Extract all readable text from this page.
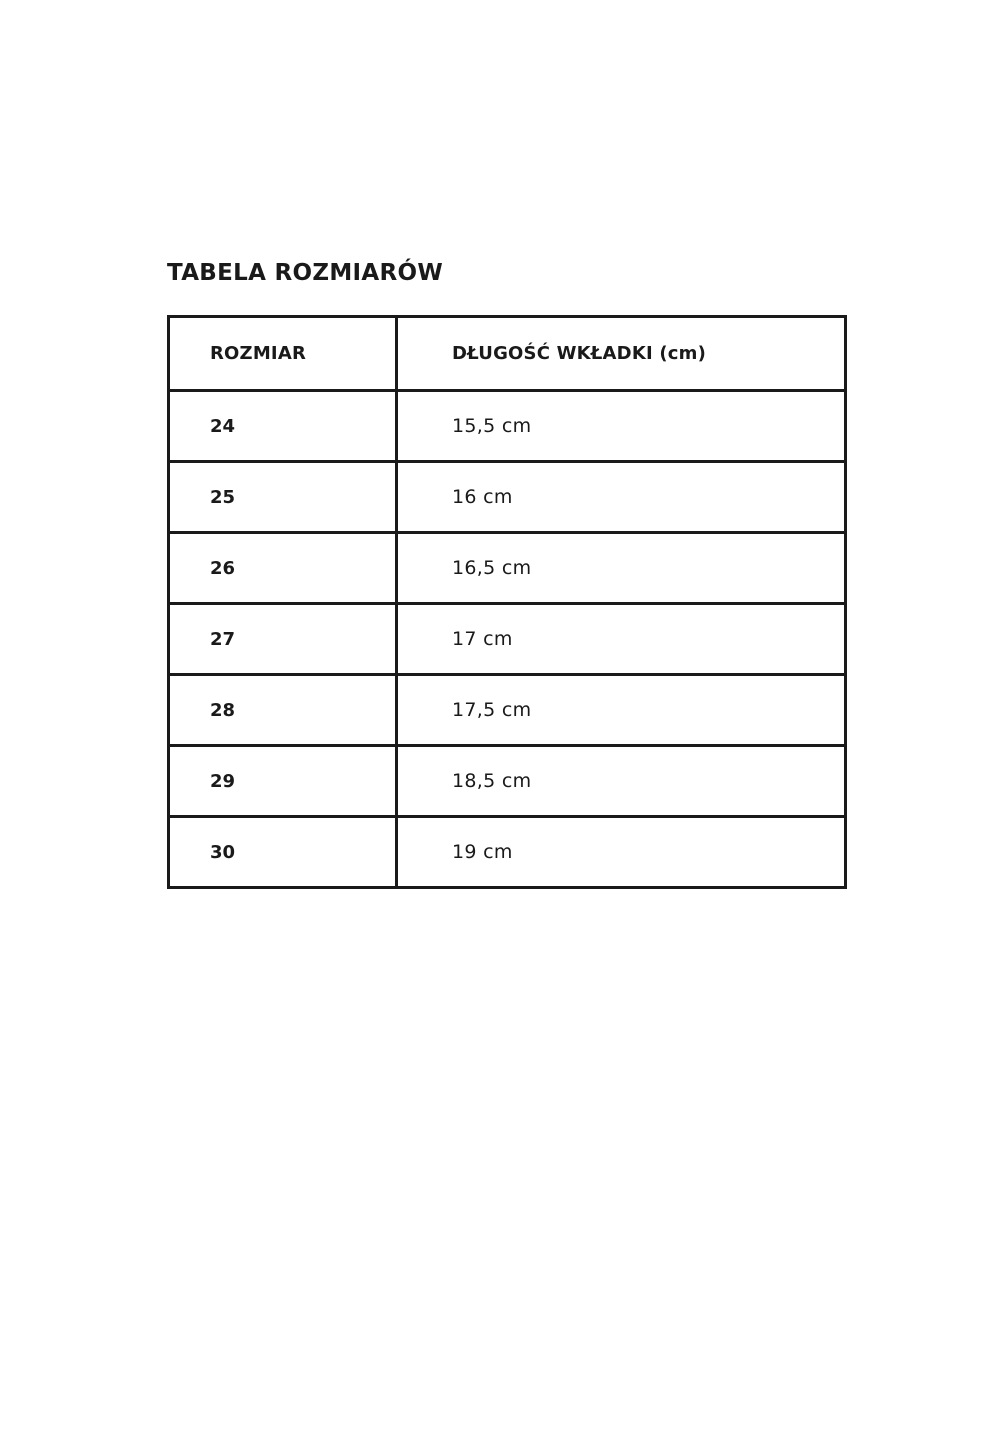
TABELA ROZMIARÓW
ROZMIAR	DŁUGOŚĆ WKŁADKI (cm)
24	15,5 cm
25	16 cm
26	16,5 cm
27	17 cm
28	17,5 cm
29	18,5 cm
30	19 cm
